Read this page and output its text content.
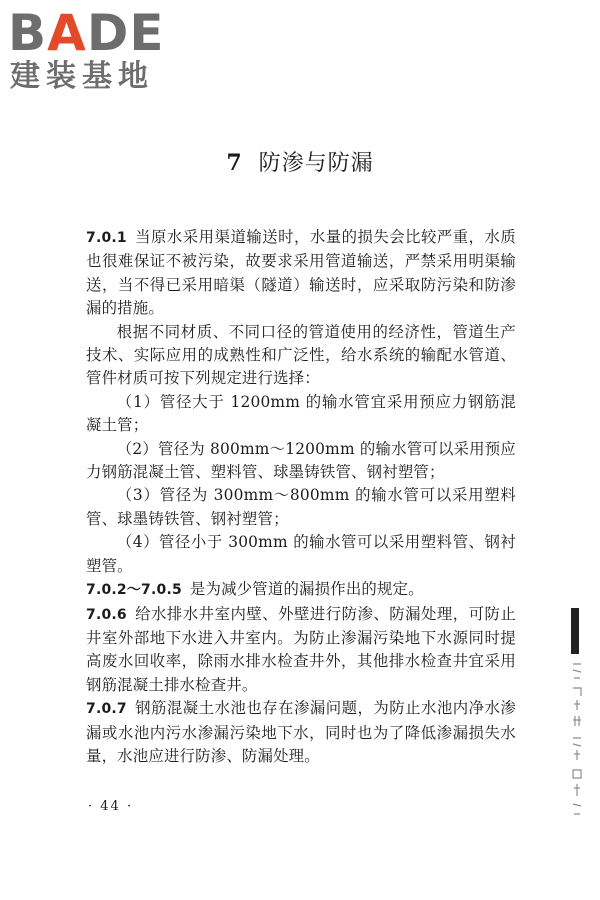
BADE
建装基地
7 防渗与防漏

7.0.1 当原水采用渠道输送时，水量的损失会比较严重，水质也很难保证不被污染，故要求采用管道输送，严禁采用明渠输送，当不得已采用暗渠（隧道）输送时，应采取防污染和防渗漏的措施。

根据不同材质、不同口径的管道使用的经济性，管道生产技术、实际应用的成熟性和广泛性，给水系统的输配水管道、管件材质可按下列规定进行选择：

（1）管径大于 1200mm 的输水管宜采用预应力钢筋混凝土管；

（2）管径为 800mm～1200mm 的输水管可以采用预应力钢筋混凝土管、塑料管、球墨铸铁管、钢衬塑管；

（3）管径为 300mm～800mm 的输水管可以采用塑料管、球墨铸铁管、钢衬塑管；

（4）管径小于 300mm 的输水管可以采用塑料管、钢衬塑管。

7.0.2～7.0.5 是为减少管道的漏损作出的规定。

7.0.6 给水排水井室内壁、外壁进行防渗、防漏处理，可防止井室外部地下水进入井室内。为防止渗漏污染地下水源同时提高废水回收率，除雨水排水检查井外，其他排水检查井宜采用钢筋混凝土排水检查井。

7.0.7 钢筋混凝土水池也存在渗漏问题，为防止水池内净水渗漏或水池内污水渗漏污染地下水，同时也为了降低渗漏损失水量，水池应进行防渗、防漏处理。

· 44 ·
